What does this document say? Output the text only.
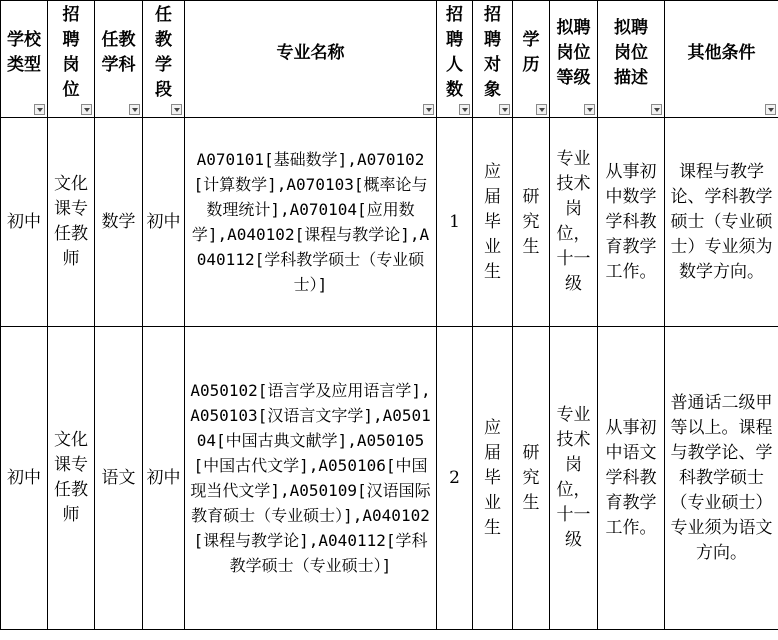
学校
类型	招
聘
岗
位	任教
学科	任
教
学
段	专业名称	招
聘
人
数	招
聘
对
象	学
历	拟聘
岗位
等级	拟聘
岗位
描述	其他条件

初中	文化课专任教师	数学	初中	A070101[基础数学],A070102[计算数学],A070103[概率论与数理统计],A070104[应用数学],A040102[课程与教学论],A040112[学科教学硕士（专业硕士）]	1	应届毕业生	研究生	专业技术岗位，十一级	从事初中数学学科教育教学工作。	课程与教学论、学科教学硕士（专业硕士）专业须为数学方向。
初中	文化课专任教师	语文	初中	A050102[语言学及应用语言学],A050103[汉语言文字学],A050104[中国古典文献学],A050105[中国古代文学],A050106[中国现当代文学],A050109[汉语国际教育硕士（专业硕士）],A040102[课程与教学论],A040112[学科教学硕士（专业硕士）]	2	应届毕业生	研究生	专业技术岗位，十一级	从事初中语文学科教育教学工作。	普通话二级甲等以上。课程与教学论、学科教学硕士（专业硕士）专业须为语文方向。
